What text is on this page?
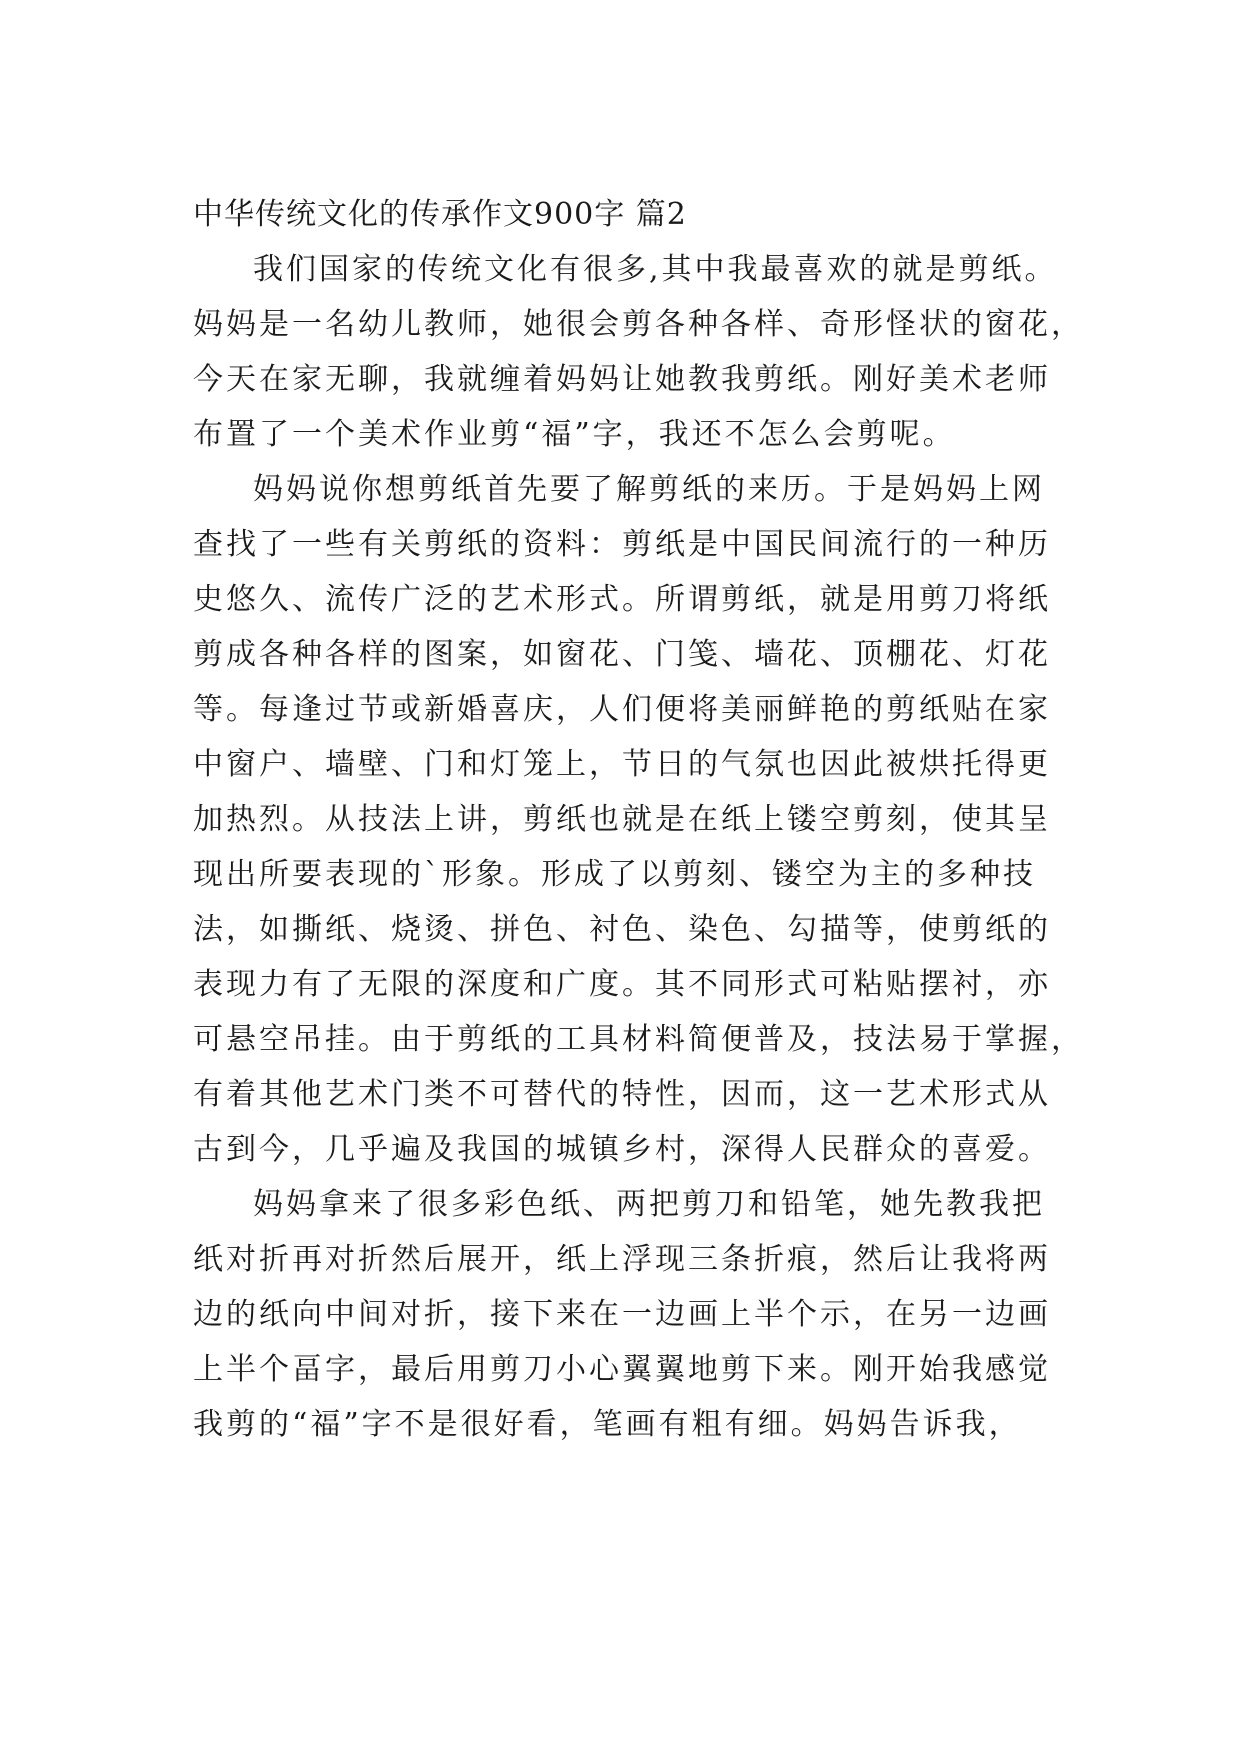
中华传统文化的传承作文900字 篇2
我们国家的传统文化有很多,其中我最喜欢的就是剪纸。
妈妈是一名幼儿教师，她很会剪各种各样、奇形怪状的窗花，
今天在家无聊，我就缠着妈妈让她教我剪纸。刚好美术老师
布置了一个美术作业剪“福”字，我还不怎么会剪呢。
妈妈说你想剪纸首先要了解剪纸的来历。于是妈妈上网
查找了一些有关剪纸的资料：剪纸是中国民间流行的一种历
史悠久、流传广泛的艺术形式。所谓剪纸，就是用剪刀将纸
剪成各种各样的图案，如窗花、门笺、墙花、顶棚花、灯花
等。每逢过节或新婚喜庆，人们便将美丽鲜艳的剪纸贴在家
中窗户、墙壁、门和灯笼上，节日的气氛也因此被烘托得更
加热烈。从技法上讲，剪纸也就是在纸上镂空剪刻，使其呈
现出所要表现的`形象。形成了以剪刻、镂空为主的多种技
法，如撕纸、烧烫、拼色、衬色、染色、勾描等，使剪纸的
表现力有了无限的深度和广度。其不同形式可粘贴摆衬，亦
可悬空吊挂。由于剪纸的工具材料简便普及，技法易于掌握，
有着其他艺术门类不可替代的特性，因而，这一艺术形式从
古到今，几乎遍及我国的城镇乡村，深得人民群众的喜爱。
妈妈拿来了很多彩色纸、两把剪刀和铅笔，她先教我把
纸对折再对折然后展开，纸上浮现三条折痕，然后让我将两
边的纸向中间对折，接下来在一边画上半个示，在另一边画
上半个畐字，最后用剪刀小心翼翼地剪下来。刚开始我感觉
我剪的“福”字不是很好看，笔画有粗有细。妈妈告诉我，
